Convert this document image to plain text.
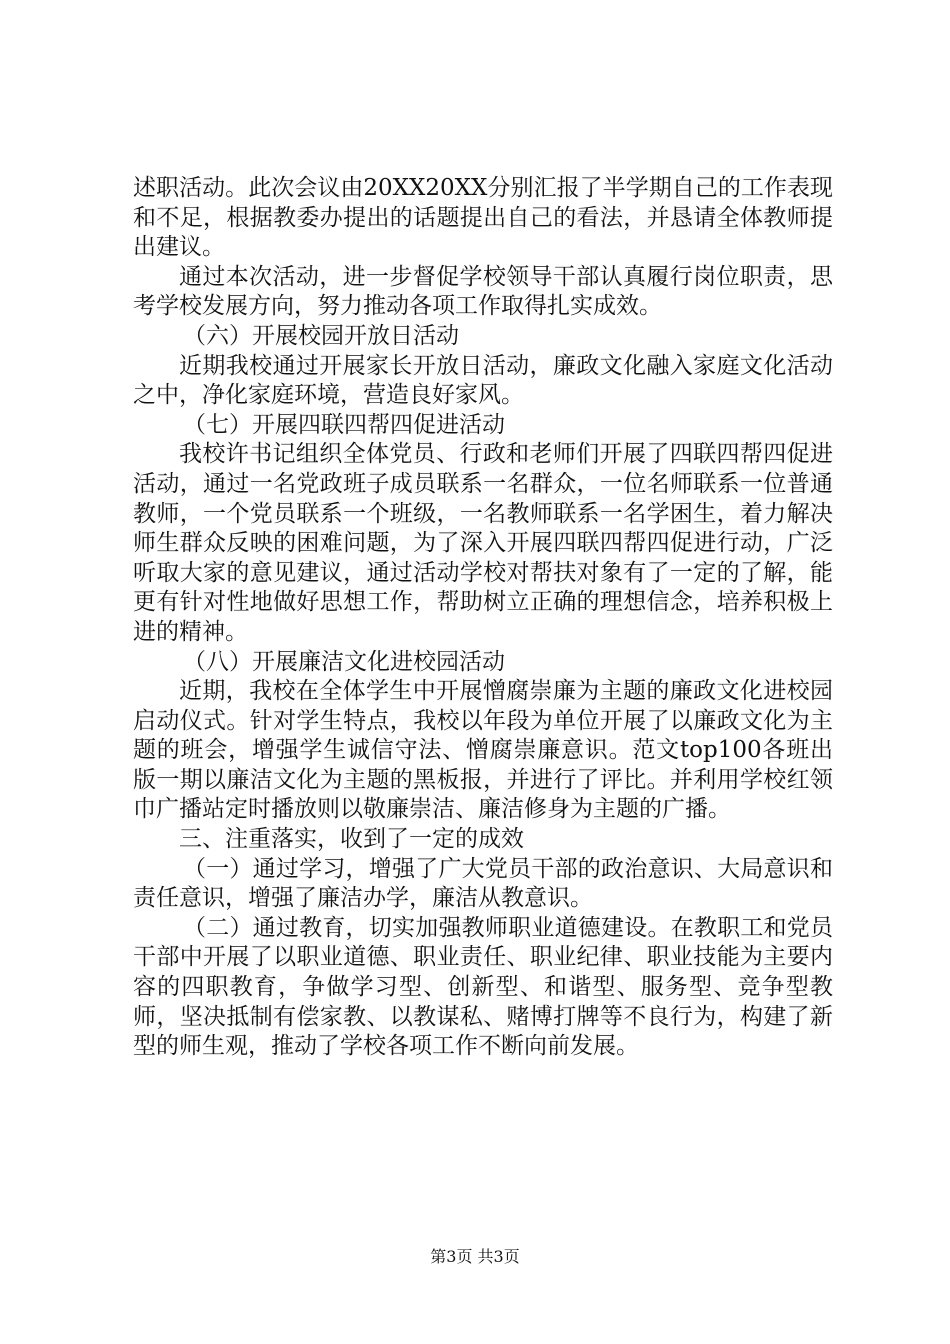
述职活动。此次会议由20XX20XX分别汇报了半学期自己的工作表现和不足，根据教委办提出的话题提出自己的看法，并恳请全体教师提出建议。

通过本次活动，进一步督促学校领导干部认真履行岗位职责，思考学校发展方向，努力推动各项工作取得扎实成效。

（六）开展校园开放日活动

近期我校通过开展家长开放日活动，廉政文化融入家庭文化活动之中，净化家庭环境，营造良好家风。

（七）开展四联四帮四促进活动

我校许书记组织全体党员、行政和老师们开展了四联四帮四促进活动，通过一名党政班子成员联系一名群众，一位名师联系一位普通教师，一个党员联系一个班级，一名教师联系一名学困生，着力解决师生群众反映的困难问题，为了深入开展四联四帮四促进行动，广泛听取大家的意见建议，通过活动学校对帮扶对象有了一定的了解，能更有针对性地做好思想工作，帮助树立正确的理想信念，培养积极上进的精神。

（八）开展廉洁文化进校园活动

近期，我校在全体学生中开展憎腐崇廉为主题的廉政文化进校园启动仪式。针对学生特点，我校以年段为单位开展了以廉政文化为主题的班会，增强学生诚信守法、憎腐崇廉意识。范文top100各班出版一期以廉洁文化为主题的黑板报，并进行了评比。并利用学校红领巾广播站定时播放则以敬廉崇洁、廉洁修身为主题的广播。

三、注重落实，收到了一定的成效

（一）通过学习，增强了广大党员干部的政治意识、大局意识和责任意识，增强了廉洁办学，廉洁从教意识。

（二）通过教育，切实加强教师职业道德建设。在教职工和党员干部中开展了以职业道德、职业责任、职业纪律、职业技能为主要内容的四职教育，争做学习型、创新型、和谐型、服务型、竞争型教师，坚决抵制有偿家教、以教谋私、赌博打牌等不良行为，构建了新型的师生观，推动了学校各项工作不断向前发展。

第3页 共3页
